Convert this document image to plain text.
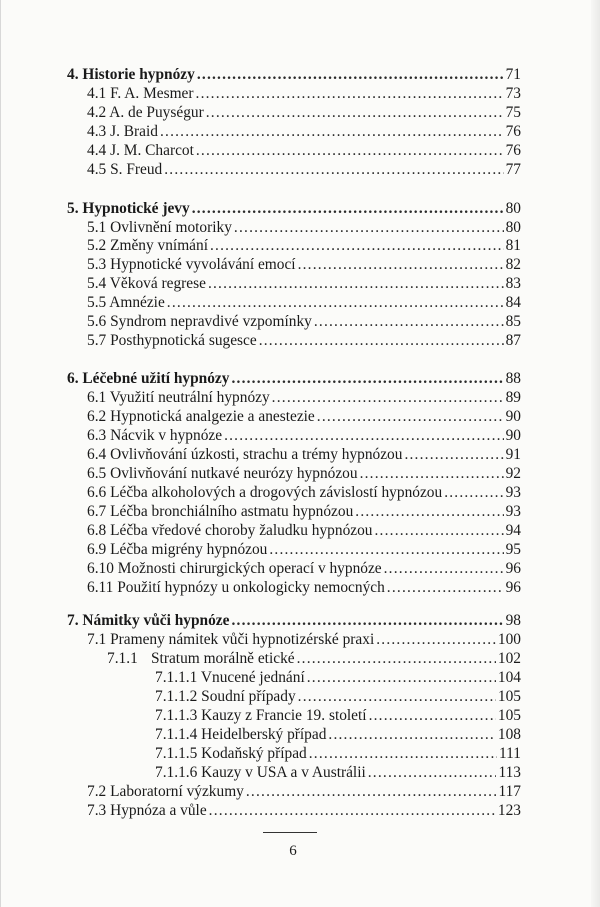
4. Historie hypnózy .....	71
4.1 F. A. Mesmer .....	73
4.2 A. de Puységur .....	75
4.3 J. Braid .....	76
4.4 J. M. Charcot .....	76
4.5 S. Freud .....	77
5. Hypnotické jevy .....	80
5.1 Ovlivnění motoriky .....	80
5.2 Změny vnímání .....	81
5.3 Hypnotické vyvolávání emocí .....	82
5.4 Věková regrese .....	83
5.5 Amnézie .....	84
5.6 Syndrom nepravdivé vzpomínky .....	85
5.7 Posthypnotická sugesce .....	87
6. Léčebné užití hypnózy .....	88
6.1 Využití neutrální hypnózy .....	89
6.2 Hypnotická analgezie a anestezie .....	90
6.3 Nácvik v hypnóze .....	90
6.4 Ovlivňování úzkosti, strachu a trémy hypnózou .....	91
6.5 Ovlivňování nutkavé neurózy hypnózou .....	92
6.6 Léčba alkoholových a drogových závislostí hypnózou .....	93
6.7 Léčba bronchiálního astmatu hypnózou .....	93
6.8 Léčba vředové choroby žaludku hypnózou .....	94
6.9 Léčba migrény hypnózou .....	95
6.10 Možnosti chirurgických operací v hypnóze .....	96
6.11 Použití hypnózy u onkologicky nemocných .....	96
7. Námitky vůči hypnóze .....	98
7.1 Prameny námitek vůči hypnotizérské praxi .....	100
7.1.1 Stratum morálně etické .....	102
7.1.1.1 Vnucené jednání .....	104
7.1.1.2 Soudní případy .....	105
7.1.1.3 Kauzy z Francie 19. století .....	105
7.1.1.4 Heidelberský případ .....	108
7.1.1.5 Kodaňský případ .....	111
7.1.1.6 Kauzy v USA a v Austrálii .....	113
7.2 Laboratorní výzkumy .....	117
7.3 Hypnóza a vůle .....	123
6
